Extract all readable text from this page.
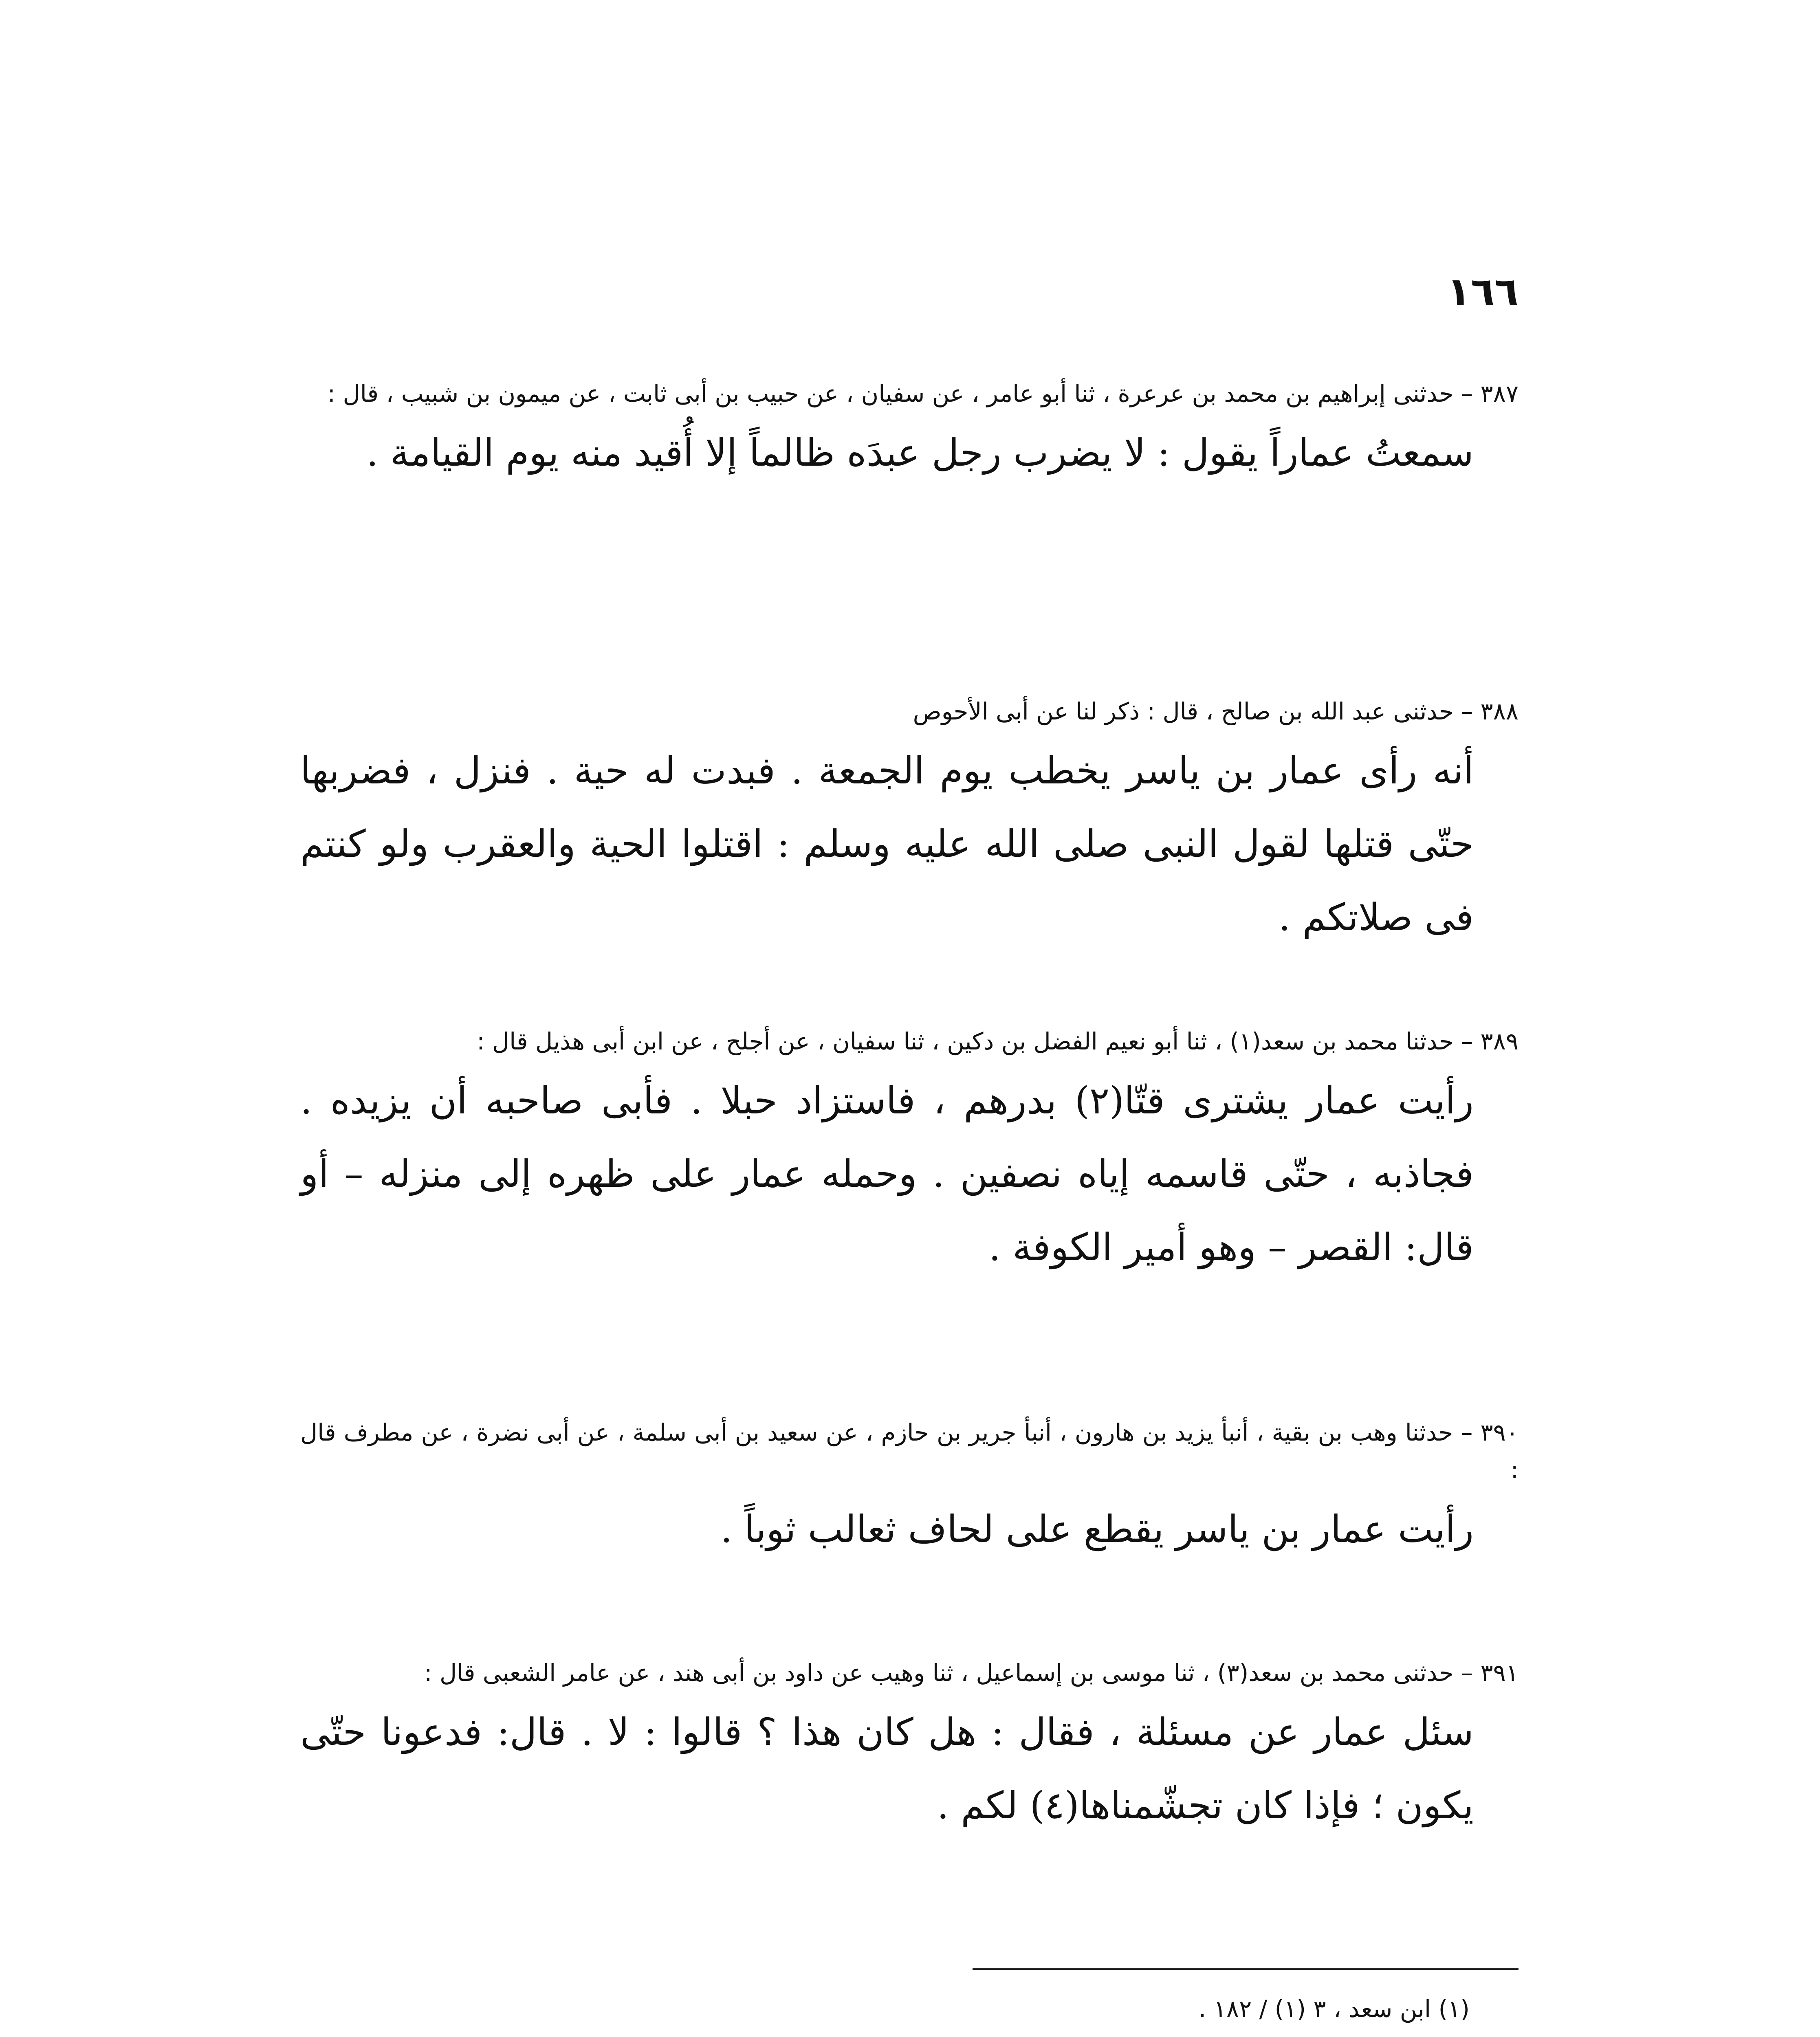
١٦٦

٣٨٧ – حدثنى إبراهيم بن محمد بن عرعرة ، ثنا أبو عامر ، عن سفيان ، عن حبيب بن أبى ثابت ، عن ميمون بن شبيب ، قال :

سمعتُ عماراً يقول : لا يضرب رجل عبدَه ظالماً إلا أُقيد منه يوم القيامة .

٣٨٨ – حدثنى عبد الله بن صالح ، قال : ذكر لنا عن أبى الأحوص

أنه رأى عمار بن ياسر يخطب يوم الجمعة . فبدت له حية . فنزل ، فضربها حتّى قتلها لقول النبى صلى الله عليه وسلم : اقتلوا الحية والعقرب ولو كنتم فى صلاتكم .

٣٨٩ – حدثنا محمد بن سعد(١) ، ثنا أبو نعيم الفضل بن دكين ، ثنا سفيان ، عن أجلح ، عن ابن أبى هذيل قال :

رأيت عمار يشترى قتّا(٢) بدرهم ، فاستزاد حبلا . فأبى صاحبه أن يزيده . فجاذبه ، حتّى قاسمه إياه نصفين . وحمله عمار على ظهره إلى منزله – أو قال: القصر – وهو أمير الكوفة .

٣٩٠ – حدثنا وهب بن بقية ، أنبأ يزيد بن هارون ، أنبأ جرير بن حازم ، عن سعيد بن أبى سلمة ، عن أبى نضرة ، عن مطرف قال :

رأيت عمار بن ياسر يقطع على لحاف ثعالب ثوباً .

٣٩١ – حدثنى محمد بن سعد(٣) ، ثنا موسى بن إسماعيل ، ثنا وهيب عن داود بن أبى هند ، عن عامر الشعبى قال :

سئل عمار عن مسئلة ، فقال : هل كان هذا ؟ قالوا : لا . قال: فدعونا حتّى يكون ؛ فإذا كان تجشّمناها(٤) لكم .

(١) ابن سعد ، ٣ (١) / ١٨٢ .
